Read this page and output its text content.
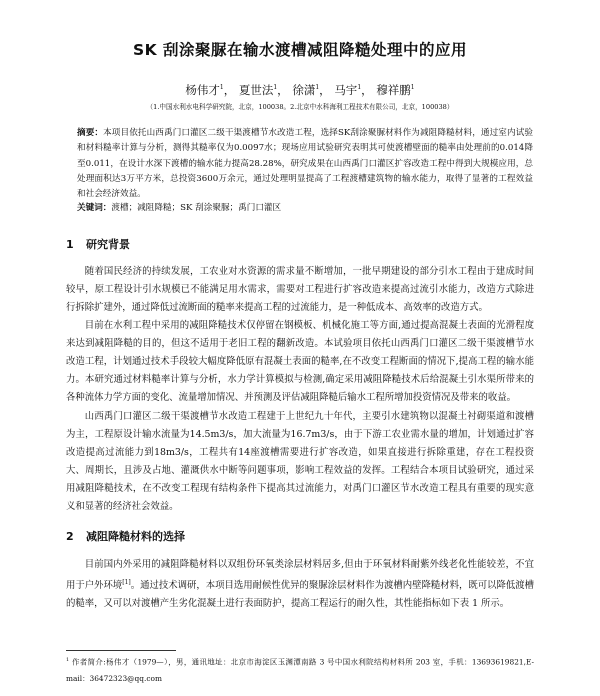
SK 刮涂聚脲在输水渡槽减阻降糙处理中的应用
杨伟才$^1$， 夏世法$^1$， 徐潇$^1$， 马宇$^1$， 穆祥鹏$^1$
（1.中国水利水电科学研究院，北京，100038。2.北京中水科海利工程技术有限公司，北京，100038）
摘要：本项目依托山西禹门口灌区二级干渠渡槽节水改造工程，选择SK刮涂聚脲材料作为减阻降糙材料，通过室内试验和材料糙率计算与分析，测得其糙率仅为0.0097水；现场应用试验研究表明其可使渡槽壁面的糙率由处理前的0.014降至0.011，在设计水深下渡槽的输水能力提高28.28%，研究成果在山西禹门口灌区扩容改造工程中得到大规模应用，总处理面积达3万平方米，总投资3600万余元，通过处理明显提高了工程渡槽建筑物的输水能力，取得了显著的工程效益和社会经济效益。
关键词：渡槽；减阻降糙；SK 刮涂聚脲；禹门口灌区
1 研究背景

随着国民经济的持续发展，工农业对水资源的需求量不断增加，一批早期建设的部分引水工程由于建成时间较早，原工程设计引水规模已不能满足用水需求，需要对工程进行扩容改造来提高过流引水能力，改造方式除进行拆除扩建外，通过降低过流断面的糙率来提高工程的过流能力，是一种低成本、高效率的改造方式。

目前在水利工程中采用的减阻降糙技术仅停留在钢模板、机械化施工等方面,通过提高混凝土表面的光滑程度来达到减阻降糙的目的，但这不适用于老旧工程的翻新改造。本试验项目依托山西禹门口灌区二级干渠渡槽节水改造工程，计划通过技术手段较大幅度降低原有混凝土表面的糙率,在不改变工程断面的情况下,提高工程的输水能力。本研究通过材料糙率计算与分析，水力学计算模拟与检测,确定采用减阻降糙技术后给混凝土引水渠所带来的各种流体力学方面的变化、流量增加情况、并预测及评估减阻降糙后输水工程所增加投资情况及带来的收益。

山西禹门口灌区二级干渠渡槽节水改造工程建于上世纪九十年代，主要引水建筑物以混凝土衬砌渠道和渡槽为主，工程原设计输水流量为14.5m3/s，加大流量为16.7m3/s，由于下游工农业需水量的增加，计划通过扩容改造提高过流能力到18m3/s，工程共有14座渡槽需要进行扩容改造，如果直接进行拆除重建，存在工程投资大、周期长，且涉及占地、灌溉供水中断等问题事项，影响工程效益的发挥。工程结合本项目试验研究，通过采用减阻降糙技术，在不改变工程现有结构条件下提高其过流能力，对禹门口灌区节水改造工程具有重要的现实意义和显著的经济社会效益。

2 减阻降糙材料的选择

目前国内外采用的减阻降糙材料以双组份环氧类涂层材料居多,但由于环氧材料耐紫外线老化性能较差，不宜用于户外环境[1]。通过技术调研，本项目选用耐候性优异的聚脲涂层材料作为渡槽内壁降糙材料，既可以降低渡槽的糙率，又可以对渡槽产生劣化混凝土进行表面防护，提高工程运行的耐久性，其性能指标如下表 1 所示。

$^1$ 作者简介:杨伟才（1979—），男，通讯地址：北京市海淀区玉渊潭南路 3 号中国水利院结构材料所 203 室，手机：13693619821,E-mail：36472323@qq.com
